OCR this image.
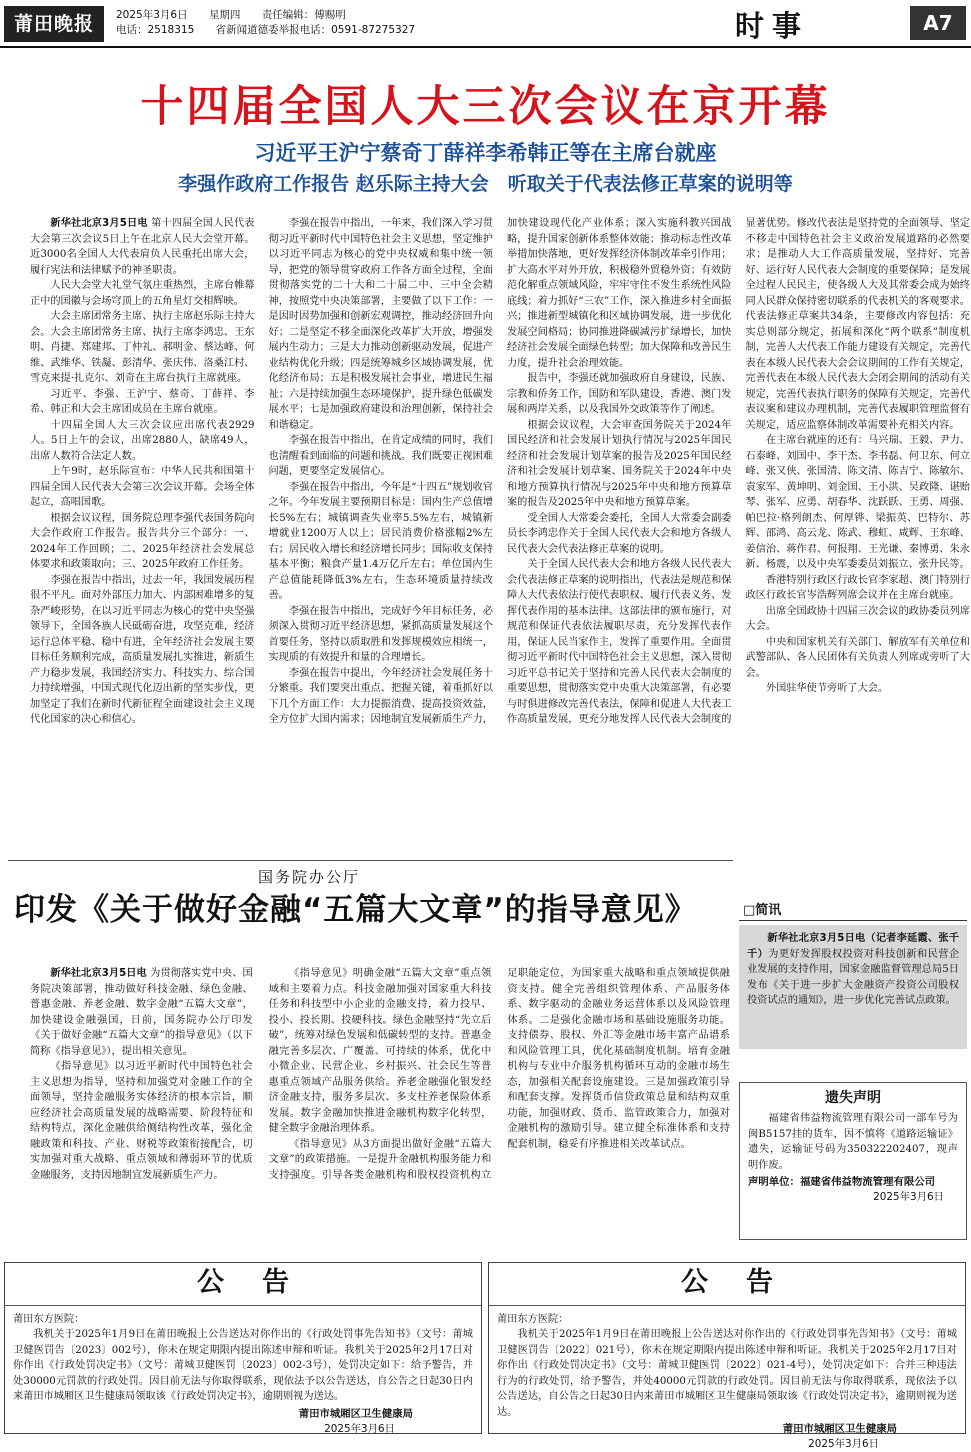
莆田晚报	2025年3月6日 星期四 责任编辑：傅赐明
电话：2518315 省新闻道德委举报电话：0591-87275327	时事	A7
十四届全国人大三次会议在京开幕
习近平王沪宁蔡奇丁薛祥李希韩正等在主席台就座
李强作政府工作报告 赵乐际主持大会　听取关于代表法修正草案的说明等

新华社北京3月5日电 第十四届全国人民代表大会第三次会议5日上午在北京人民大会堂开幕。近3000名全国人大代表肩负人民重托出席大会，履行宪法和法律赋予的神圣职责。

人民大会堂大礼堂气氛庄重热烈，主席台帷幕正中的国徽与会场穹顶上的五角星灯交相辉映。

大会主席团常务主席、执行主席赵乐际主持大会。大会主席团常务主席、执行主席李鸿忠、王东明、肖捷、郑建邦、丁仲礼、郝明金、蔡达峰、何维、武维华、铁凝、彭清华、张庆伟、洛桑江村、雪克来提·扎克尔、刘奇在主席台执行主席就座。

习近平、李强、王沪宁、蔡奇、丁薛祥、李希、韩正和大会主席团成员在主席台就座。

十四届全国人大三次会议应出席代表2929人。5日上午的会议，出席2880人，缺席49人，出席人数符合法定人数。

上午9时，赵乐际宣布：中华人民共和国第十四届全国人民代表大会第三次会议开幕。会场全体起立，高唱国歌。

根据会议议程，国务院总理李强代表国务院向大会作政府工作报告。报告共分三个部分：一、2024年工作回顾；二、2025年经济社会发展总体要求和政策取向；三、2025年政府工作任务。

李强在报告中指出，过去一年，我国发展历程很不平凡。面对外部压力加大、内部困难增多的复杂严峻形势，在以习近平同志为核心的党中央坚强领导下，全国各族人民砥砺奋进，攻坚克难，经济运行总体平稳、稳中有进，全年经济社会发展主要目标任务顺利完成，高质量发展扎实推进，新质生产力稳步发展，我国经济实力、科技实力、综合国力持续增强，中国式现代化迈出新的坚实步伐，更加坚定了我们在新时代新征程全面建设社会主义现代化国家的决心和信心。

李强在报告中指出，一年来，我们深入学习贯彻习近平新时代中国特色社会主义思想，坚定维护以习近平同志为核心的党中央权威和集中统一领导，把党的领导贯穿政府工作各方面全过程，全面贯彻落实党的二十大和二十届二中、三中全会精神，按照党中央决策部署，主要做了以下工作：一是因时因势加强和创新宏观调控，推动经济回升向好；二是坚定不移全面深化改革扩大开放，增强发展内生动力；三是大力推动创新驱动发展，促进产业结构优化升级；四是统筹城乡区域协调发展，优化经济布局；五是积极发展社会事业，增进民生福祉；六是持续加强生态环境保护，提升绿色低碳发展水平；七是加强政府建设和治理创新，保持社会和谐稳定。

李强在报告中指出，在肯定成绩的同时，我们也清醒看到面临的问题和挑战。我们既要正视困难问题，更要坚定发展信心。

李强在报告中指出，今年是“十四五”规划收官之年。今年发展主要预期目标是：国内生产总值增长5%左右；城镇调查失业率5.5%左右，城镇新增就业1200万人以上；居民消费价格涨幅2%左右；居民收入增长和经济增长同步；国际收支保持基本平衡；粮食产量1.4万亿斤左右；单位国内生产总值能耗降低3%左右，生态环境质量持续改善。

李强在报告中指出，完成好今年目标任务，必须深入贯彻习近平经济思想，紧抓高质量发展这个首要任务，坚持以质取胜和发挥规模效应相统一，实现质的有效提升和量的合理增长。

李强在报告中提出，今年经济社会发展任务十分繁重。我们要突出重点、把握关键，着重抓好以下几个方面工作：大力提振消费、提高投资效益，全方位扩大国内需求；因地制宜发展新质生产力，加快建设现代化产业体系；深入实施科教兴国战略，提升国家创新体系整体效能；推动标志性改革举措加快落地，更好发挥经济体制改革牵引作用；扩大高水平对外开放，积极稳外贸稳外资；有效防范化解重点领域风险，牢牢守住不发生系统性风险底线；着力抓好“三农”工作，深入推进乡村全面振兴；推进新型城镇化和区域协调发展，进一步优化发展空间格局；协同推进降碳减污扩绿增长，加快经济社会发展全面绿色转型；加大保障和改善民生力度，提升社会治理效能。

报告中，李强还就加强政府自身建设，民族、宗教和侨务工作，国防和军队建设，香港、澳门发展和两岸关系，以及我国外交政策等作了阐述。

根据会议议程，大会审查国务院关于2024年国民经济和社会发展计划执行情况与2025年国民经济和社会发展计划草案的报告及2025年国民经济和社会发展计划草案、国务院关于2024年中央和地方预算执行情况与2025年中央和地方预算草案的报告及2025年中央和地方预算草案。

受全国人大常委会委托，全国人大常委会副委员长李鸿忠作关于全国人民代表大会和地方各级人民代表大会代表法修正草案的说明。

关于全国人民代表大会和地方各级人民代表大会代表法修正草案的说明指出，代表法是规范和保障人大代表依法行使代表职权、履行代表义务、发挥代表作用的基本法律。这部法律的颁布施行，对规范和保证代表依法履职尽责，充分发挥代表作用，保证人民当家作主，发挥了重要作用。全面贯彻习近平新时代中国特色社会主义思想，深入贯彻习近平总书记关于坚持和完善人民代表大会制度的重要思想，贯彻落实党中央重大决策部署，有必要与时俱进修改完善代表法，保障和促进人大代表工作高质量发展，更充分地发挥人民代表大会制度的显著优势。修改代表法是坚持党的全面领导、坚定不移走中国特色社会主义政治发展道路的必然要求；是推动人大工作高质量发展，坚持好、完善好、运行好人民代表大会制度的重要保障；是发展全过程人民民主，使各级人大及其常委会成为始终同人民群众保持密切联系的代表机关的客观要求。代表法修正草案共34条，主要修改内容包括：充实总则部分规定，拓展和深化“两个联系”制度机制，完善人大代表工作能力建设有关规定，完善代表在本级人民代表大会会议期间的工作有关规定，完善代表在本级人民代表大会闭会期间的活动有关规定，完善代表执行职务的保障有关规定，完善代表议案和建议办理机制，完善代表履职管理监督有关规定，适应监察体制改革需要补充相关内容。

在主席台就座的还有：马兴瑞、王毅、尹力、石泰峰、刘国中、李干杰、李书磊、何卫东、何立峰、张又侠、张国清、陈文清、陈吉宁、陈敏尔、袁家军、黄坤明、刘金国、王小洪、吴政隆、谌贻琴、张军、应勇、胡春华、沈跃跃、王勇、周强、帕巴拉·格列朗杰、何厚铧、梁振英、巴特尔、苏辉、邵鸿、高云龙、陈武、穆虹、咸辉、王东峰、姜信治、蒋作君、何报翔、王光谦、秦博勇、朱永新、杨震，以及中央军委委员刘振立、张升民等。

香港特别行政区行政长官李家超、澳门特别行政区行政长官岑浩辉列席会议并在主席台就座。

出席全国政协十四届三次会议的政协委员列席大会。

中央和国家机关有关部门、解放军有关单位和武警部队、各人民团体有关负责人列席或旁听了大会。

外国驻华使节旁听了大会。

国务院办公厅
印发《关于做好金融“五篇大文章”的指导意见》

新华社北京3月5日电 为贯彻落实党中央、国务院决策部署，推动做好科技金融、绿色金融、普惠金融、养老金融、数字金融“五篇大文章”，加快建设金融强国，日前，国务院办公厅印发《关于做好金融“五篇大文章”的指导意见》（以下简称《指导意见》），提出相关意见。

《指导意见》以习近平新时代中国特色社会主义思想为指导，坚持和加强党对金融工作的全面领导，坚持金融服务实体经济的根本宗旨，顺应经济社会高质量发展的战略需要、阶段特征和结构特点，深化金融供给侧结构性改革，强化金融政策和科技、产业、财税等政策衔接配合，切实加强对重大战略、重点领域和薄弱环节的优质金融服务，支持因地制宜发展新质生产力。

《指导意见》明确金融“五篇大文章”重点领域和主要着力点。科技金融加强对国家重大科技任务和科技型中小企业的金融支持，着力投早、投小、投长期、投硬科技。绿色金融坚持“先立后破”，统筹对绿色发展和低碳转型的支持。普惠金融完善多层次、广覆盖、可持续的体系，优化中小微企业、民营企业、乡村振兴、社会民生等普惠重点领域产品服务供给。养老金融强化银发经济金融支持，服务多层次、多支柱养老保险体系发展。数字金融加快推进金融机构数字化转型，健全数字金融治理体系。

《指导意见》从3方面提出做好金融“五篇大文章”的政策措施。一是提升金融机构服务能力和支持强度。引导各类金融机构和股权投资机构立足职能定位，为国家重大战略和重点领域提供融资支持。健全完善组织管理体系、产品服务体系、数字驱动的金融业务运营体系以及风险管理体系。二是强化金融市场和基础设施服务功能。支持债券、股权、外汇等金融市场丰富产品谱系和风险管理工具，优化基础制度机制。培育金融机构与专业中介服务机构循环互动的金融市场生态，加强相关配套设施建设。三是加强政策引导和配套支撑。发挥货币信贷政策总量和结构双重功能，加强财政、货币、监管政策合力，加强对金融机构的激励引导。建立健全标准体系和支持配套机制，稳妥有序推进相关改革试点。

□简讯

新华社北京3月5日电（记者李延霞、张千千）为更好发挥股权投资对科技创新和民营企业发展的支持作用，国家金融监督管理总局5日发布《关于进一步扩大金融资产投资公司股权投资试点的通知》，进一步优化完善试点政策。

遗失声明

福建省伟益物流管理有限公司一部车号为闽B5157挂的货车，因不慎将《道路运输证》遗失，运输证号码为350322202407，现声明作废。

声明单位：福建省伟益物流管理有限公司
2025年3月6日
公告
莆田东方医院：

我机关于2025年1月9日在莆田晚报上公告送达对你作出的《行政处罚事先告知书》（文号：莆城卫健医罚告〔2023〕002号），你未在规定期限内提出陈述申辩和听证。我机关于2025年2月17日对你作出《行政处罚决定书》（文号：莆城卫健医罚〔2023〕002-3号），处罚决定如下：给予警告，并处30000元罚款的行政处罚。因目前无法与你取得联系，现依法予以公告送达，自公告之日起30日内来莆田市城厢区卫生健康局领取该《行政处罚决定书》，逾期则视为送达。

莆田市城厢区卫生健康局
2025年3月6日
公告
莆田东方医院：

我机关于2025年1月9日在莆田晚报上公告送达对你作出的《行政处罚事先告知书》（文号：莆城卫健医罚告〔2022〕021号），你未在规定期限内提出陈述申辩和听证。我机关于2025年2月17日对你作出《行政处罚决定书》（文号：莆城卫健医罚〔2022〕021-4号），处罚决定如下：合并三种违法行为的行政处罚，给予警告，并处40000元罚款的行政处罚。因目前无法与你取得联系，现依法予以公告送达，自公告之日起30日内来莆田市城厢区卫生健康局领取该《行政处罚决定书》，逾期则视为送达。

莆田市城厢区卫生健康局
2025年3月6日
